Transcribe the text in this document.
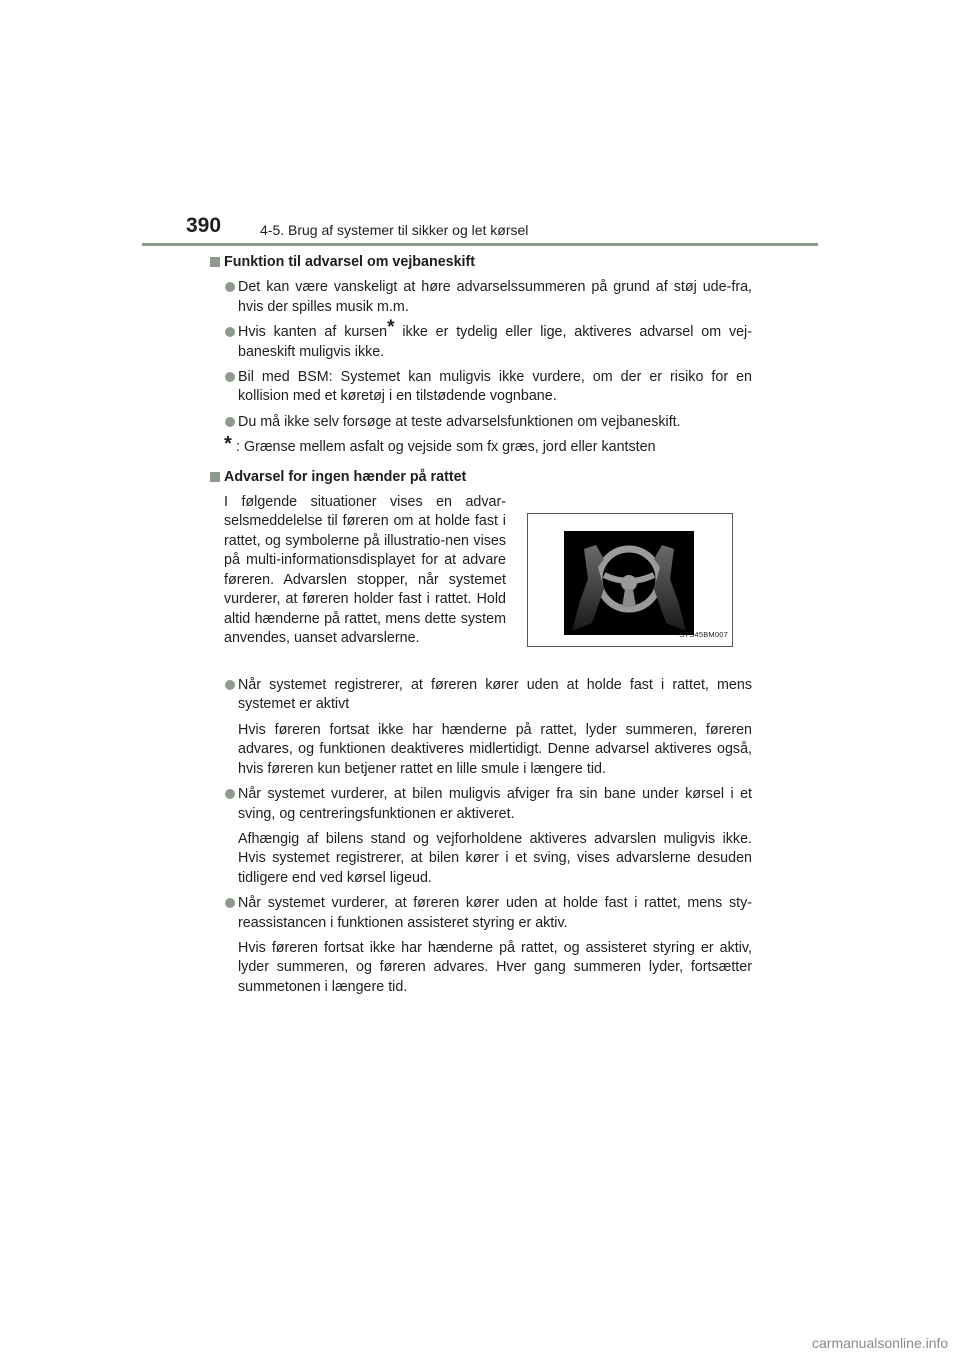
390	4-5. Brug af systemer til sikker og let kørsel
Funktion til advarsel om vejbaneskift
Det kan være vanskeligt at høre advarselssummeren på grund af støj ude-fra, hvis der spilles musik m.m.
Hvis kanten af kursen* ikke er tydelig eller lige, aktiveres advarsel om vej-baneskift muligvis ikke.
Bil med BSM: Systemet kan muligvis ikke vurdere, om der er risiko for en kollision med et køretøj i en tilstødende vognbane.
Du må ikke selv forsøge at teste advarselsfunktionen om vejbaneskift.
* : Grænse mellem asfalt og vejside som fx græs, jord eller kantsten
Advarsel for ingen hænder på rattet
I følgende situationer vises en advar-selsmeddelelse til føreren om at holde fast i rattet, og symbolerne på illustratio-nen vises på multi-informationsdisplayet for at advare føreren. Advarslen stopper, når systemet vurderer, at føreren holder fast i rattet. Hold altid hænderne på rattet, mens dette system anvendes, uanset advarslerne.	STS45BM007
Når systemet registrerer, at føreren kører uden at holde fast i rattet, mens systemet er aktivt
Hvis føreren fortsat ikke har hænderne på rattet, lyder summeren, føreren advares, og funktionen deaktiveres midlertidigt. Denne advarsel aktiveres også, hvis føreren kun betjener rattet en lille smule i længere tid.
Når systemet vurderer, at bilen muligvis afviger fra sin bane under kørsel i et sving, og centreringsfunktionen er aktiveret.
Afhængig af bilens stand og vejforholdene aktiveres advarslen muligvis ikke. Hvis systemet registrerer, at bilen kører i et sving, vises advarslerne desuden tidligere end ved kørsel ligeud.
Når systemet vurderer, at føreren kører uden at holde fast i rattet, mens sty-reassistancen i funktionen assisteret styring er aktiv.
Hvis føreren fortsat ikke har hænderne på rattet, og assisteret styring er aktiv, lyder summeren, og føreren advares. Hver gang summeren lyder, fortsætter summetonen i længere tid.
carmanualsonline.info
